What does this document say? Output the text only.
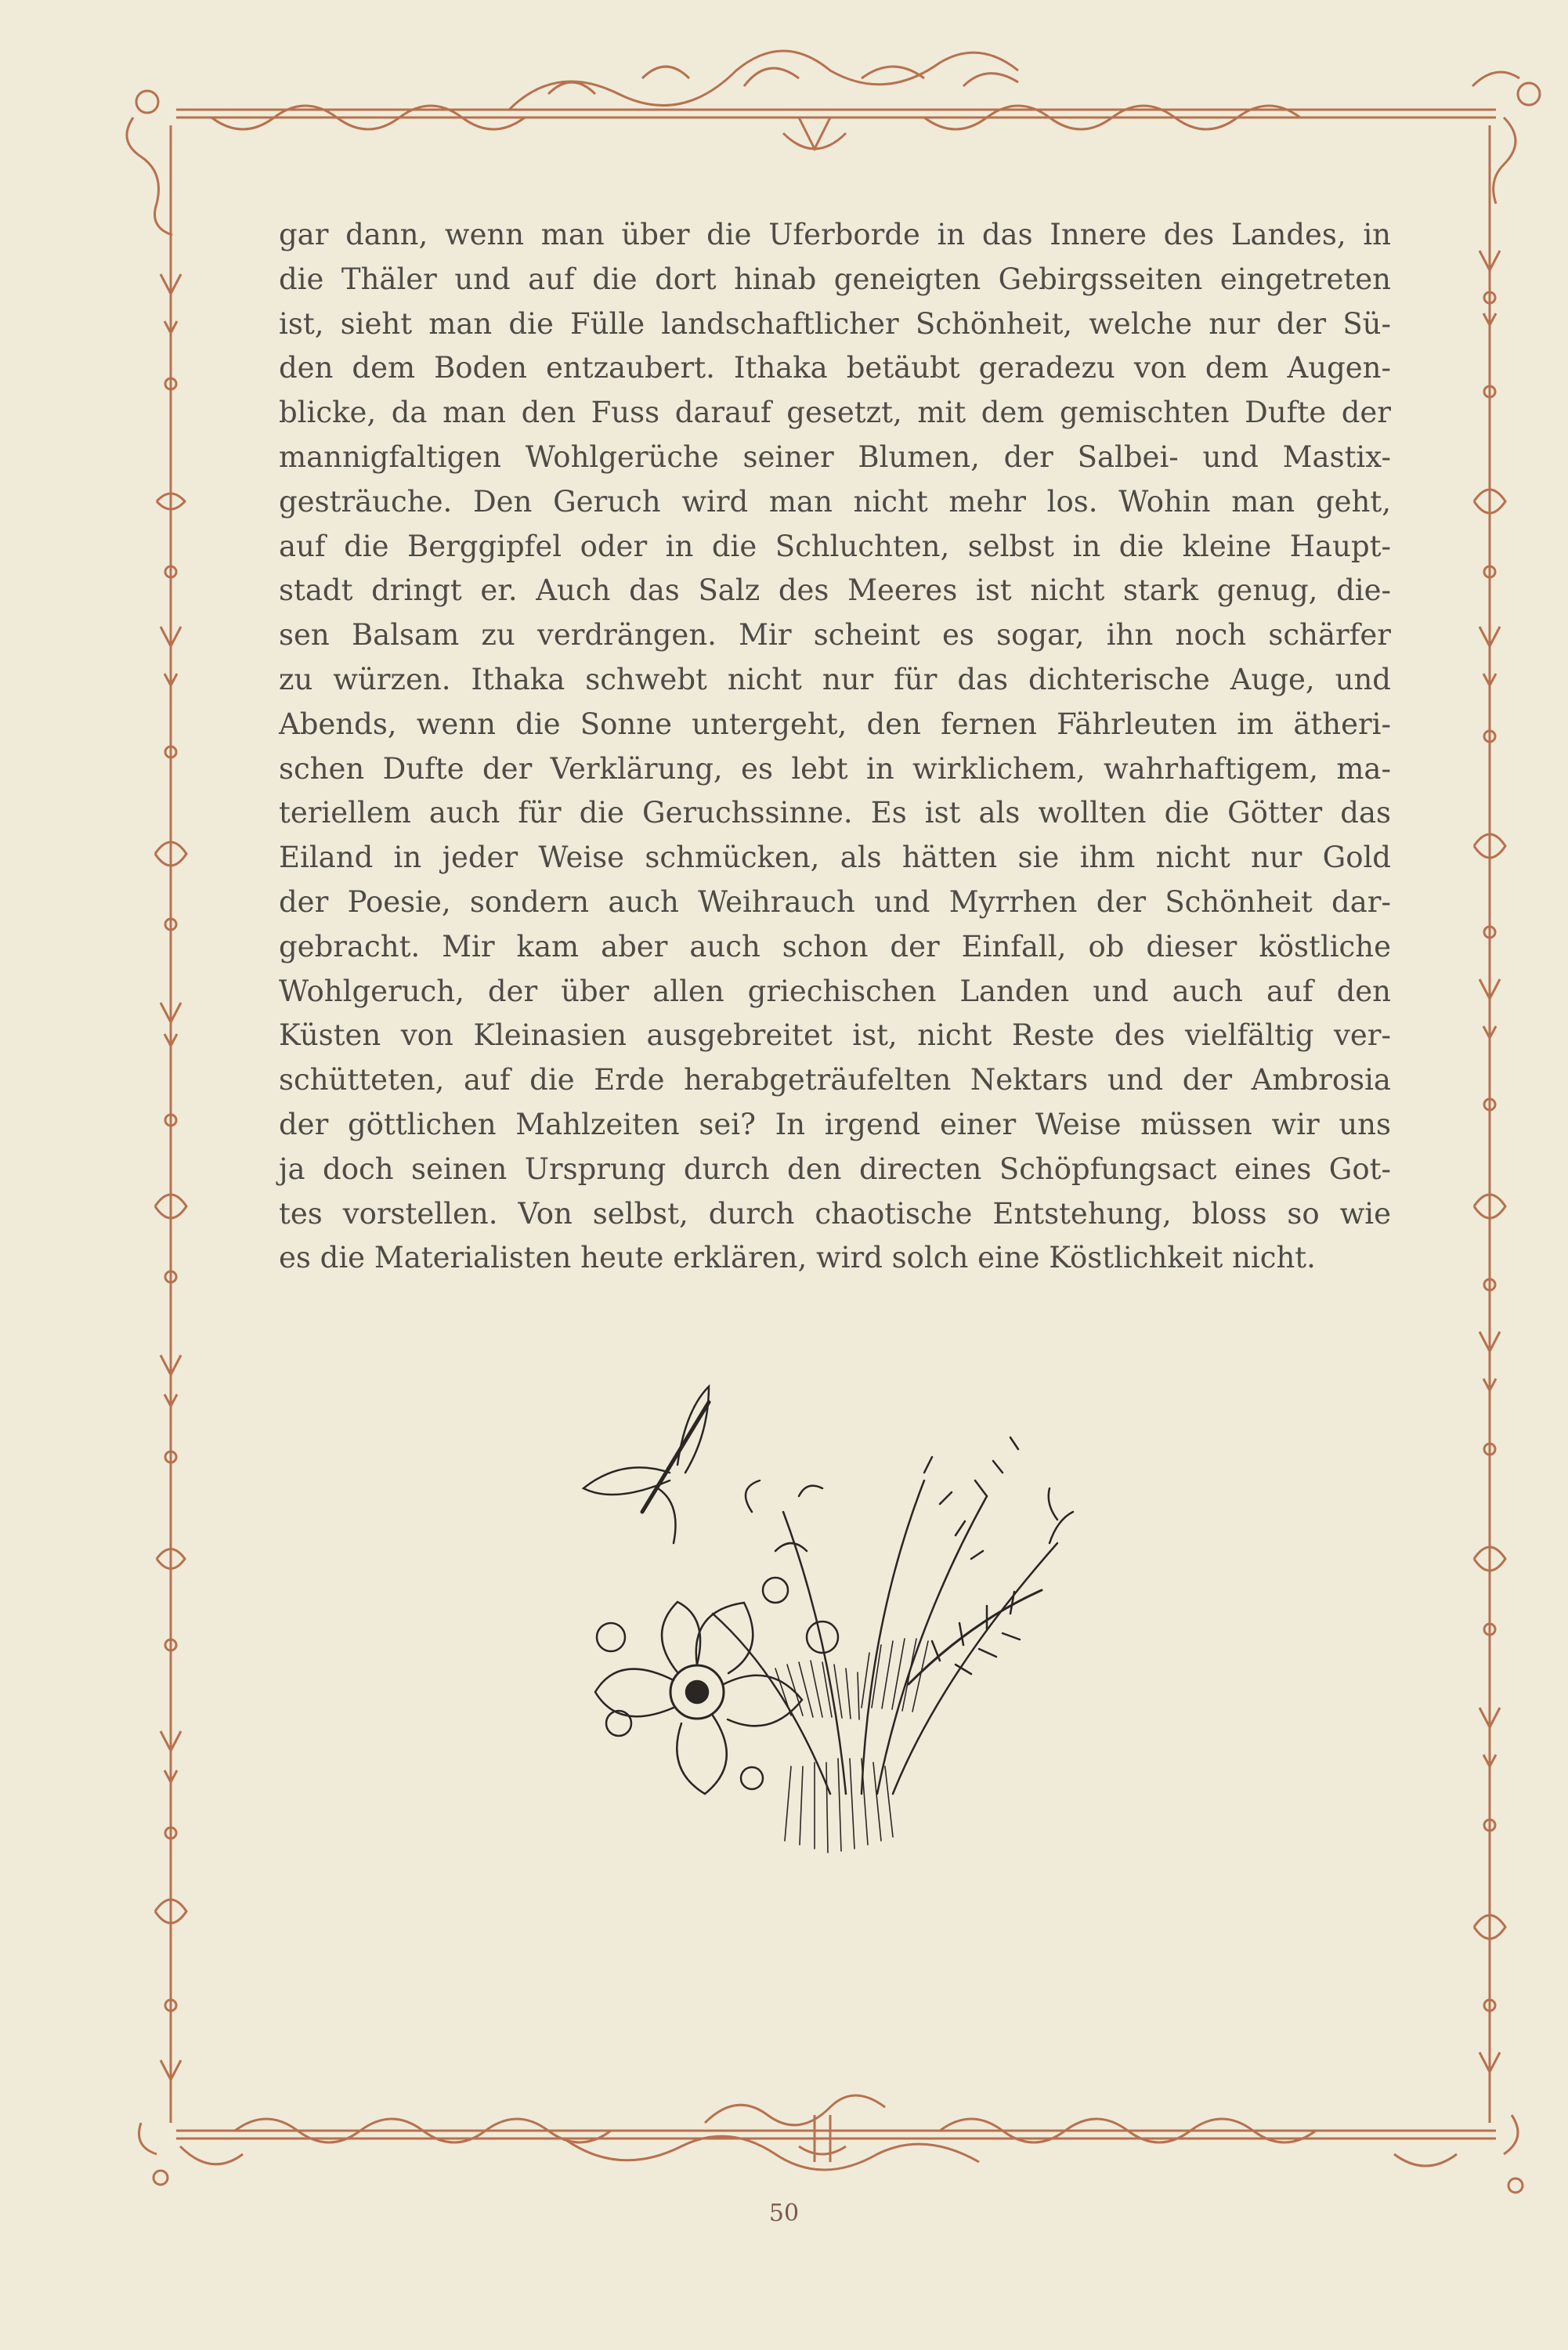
gar dann, wenn man über die Uferborde in das Innere des Landes, in
die Thäler und auf die dort hinab geneigten Gebirgsseiten eingetreten
ist, sieht man die Fülle landschaftlicher Schönheit, welche nur der Sü-
den dem Boden entzaubert. Ithaka betäubt geradezu von dem Augen-
blicke, da man den Fuss darauf gesetzt, mit dem gemischten Dufte der
mannigfaltigen Wohlgerüche seiner Blumen, der Salbei- und Mastix-
gesträuche. Den Geruch wird man nicht mehr los. Wohin man geht,
auf die Berggipfel oder in die Schluchten, selbst in die kleine Haupt-
stadt dringt er. Auch das Salz des Meeres ist nicht stark genug, die-
sen Balsam zu verdrängen. Mir scheint es sogar, ihn noch schärfer
zu würzen. Ithaka schwebt nicht nur für das dichterische Auge, und
Abends, wenn die Sonne untergeht, den fernen Fährleuten im ätheri-
schen Dufte der Verklärung, es lebt in wirklichem, wahrhaftigem, ma-
teriellem auch für die Geruchssinne. Es ist als wollten die Götter das
Eiland in jeder Weise schmücken, als hätten sie ihm nicht nur Gold
der Poesie, sondern auch Weihrauch und Myrrhen der Schönheit dar-
gebracht. Mir kam aber auch schon der Einfall, ob dieser köstliche
Wohlgeruch, der über allen griechischen Landen und auch auf den
Küsten von Kleinasien ausgebreitet ist, nicht Reste des vielfältig ver-
schütteten, auf die Erde herabgeträufelten Nektars und der Ambrosia
der göttlichen Mahlzeiten sei? In irgend einer Weise müssen wir uns
ja doch seinen Ursprung durch den directen Schöpfungsact eines Got-
tes vorstellen. Von selbst, durch chaotische Entstehung, bloss so wie
es die Materialisten heute erklären, wird solch eine Köstlichkeit nicht.
50
